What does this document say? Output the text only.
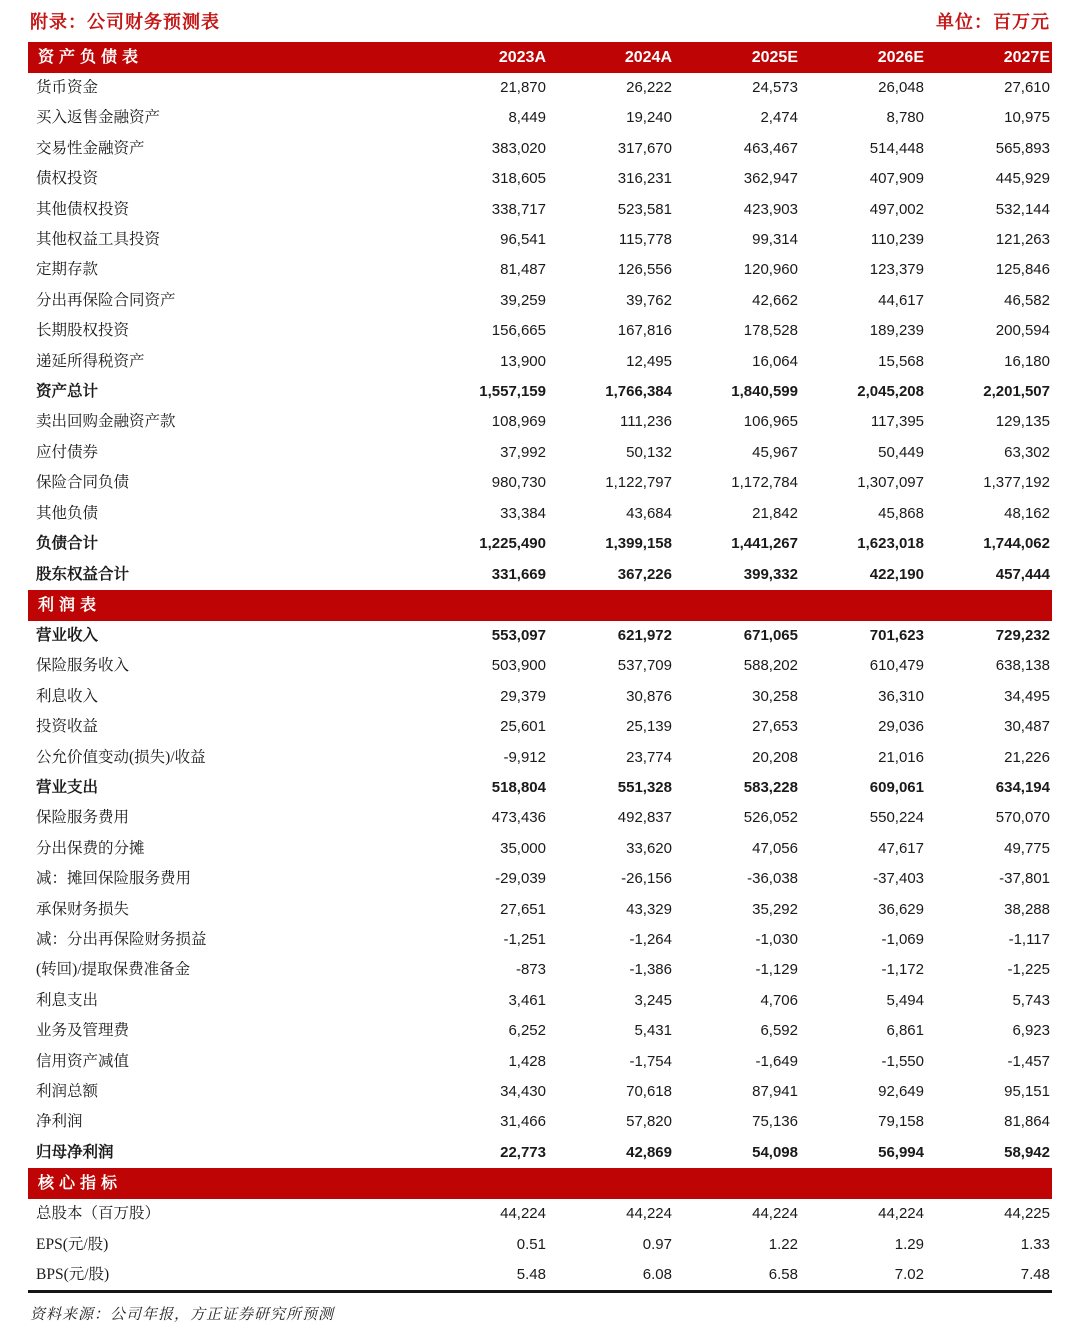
附录：公司财务预测表	单位：百万元
资产负债表	2023A	2024A	2025E	2026E	2027E
货币资金	21,870	26,222	24,573	26,048	27,610
买入返售金融资产	8,449	19,240	2,474	8,780	10,975
交易性金融资产	383,020	317,670	463,467	514,448	565,893
债权投资	318,605	316,231	362,947	407,909	445,929
其他债权投资	338,717	523,581	423,903	497,002	532,144
其他权益工具投资	96,541	115,778	99,314	110,239	121,263
定期存款	81,487	126,556	120,960	123,379	125,846
分出再保险合同资产	39,259	39,762	42,662	44,617	46,582
长期股权投资	156,665	167,816	178,528	189,239	200,594
递延所得税资产	13,900	12,495	16,064	15,568	16,180
资产总计	1,557,159	1,766,384	1,840,599	2,045,208	2,201,507
卖出回购金融资产款	108,969	111,236	106,965	117,395	129,135
应付债券	37,992	50,132	45,967	50,449	63,302
保险合同负债	980,730	1,122,797	1,172,784	1,307,097	1,377,192
其他负债	33,384	43,684	21,842	45,868	48,162
负债合计	1,225,490	1,399,158	1,441,267	1,623,018	1,744,062
股东权益合计	331,669	367,226	399,332	422,190	457,444
利润表					
营业收入	553,097	621,972	671,065	701,623	729,232
保险服务收入	503,900	537,709	588,202	610,479	638,138
利息收入	29,379	30,876	30,258	36,310	34,495
投资收益	25,601	25,139	27,653	29,036	30,487
公允价值变动(损失)/收益	-9,912	23,774	20,208	21,016	21,226
营业支出	518,804	551,328	583,228	609,061	634,194
保险服务费用	473,436	492,837	526,052	550,224	570,070
分出保费的分摊	35,000	33,620	47,056	47,617	49,775
减：摊回保险服务费用	-29,039	-26,156	-36,038	-37,403	-37,801
承保财务损失	27,651	43,329	35,292	36,629	38,288
减：分出再保险财务损益	-1,251	-1,264	-1,030	-1,069	-1,117
(转回)/提取保费准备金	-873	-1,386	-1,129	-1,172	-1,225
利息支出	3,461	3,245	4,706	5,494	5,743
业务及管理费	6,252	5,431	6,592	6,861	6,923
信用资产减值	1,428	-1,754	-1,649	-1,550	-1,457
利润总额	34,430	70,618	87,941	92,649	95,151
净利润	31,466	57,820	75,136	79,158	81,864
归母净利润	22,773	42,869	54,098	56,994	58,942
核心指标					
总股本（百万股）	44,224	44,224	44,224	44,224	44,225
EPS(元/股)	0.51	0.97	1.22	1.29	1.33
BPS(元/股)	5.48	6.08	6.58	7.02	7.48
资料来源：公司年报，方正证券研究所预测
